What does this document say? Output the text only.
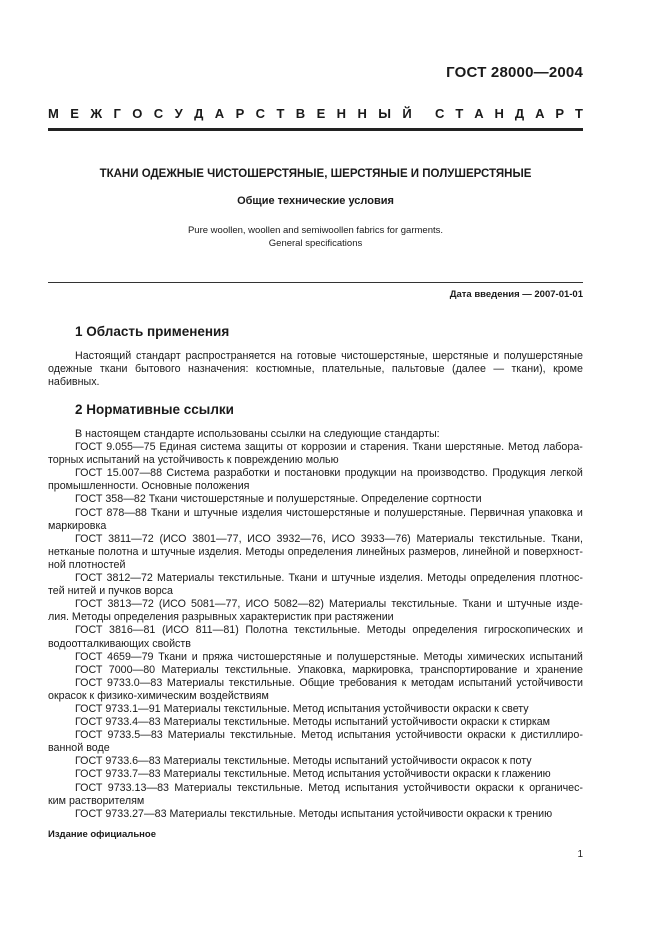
ГОСТ 28000—2004
М Е Ж Г О С У Д А Р С Т В Е Н Н Ы Й С Т А Н Д А Р Т
ТКАНИ ОДЕЖНЫЕ ЧИСТОШЕРСТЯНЫЕ, ШЕРСТЯНЫЕ И ПОЛУШЕРСТЯНЫЕ
Общие технические условия
Pure woollen, woollen and semiwoollen fabrics for garments.
General specifications
Дата введения — 2007-01-01
1 Область применения
Настоящий стандарт распространяется на готовые чистошерстяные, шерстяные и полушерстяные
одежные ткани бытового назначения: костюмные, плательные, пальтовые (далее — ткани), кроме
набивных.
2 Нормативные ссылки
В настоящем стандарте использованы ссылки на следующие стандарты:
ГОСТ 9.055—75 Единая система защиты от коррозии и старения. Ткани шерстяные. Метод лабора-
торных испытаний на устойчивость к повреждению молью
ГОСТ 15.007—88 Система разработки и постановки продукции на производство. Продукция легкой
промышленности. Основные положения
ГОСТ 358—82 Ткани чистошерстяные и полушерстяные. Определение сортности
ГОСТ 878—88 Ткани и штучные изделия чистошерстяные и полушерстяные. Первичная упаковка и
маркировка
ГОСТ 3811—72 (ИСО 3801—77, ИСО 3932—76, ИСО 3933—76) Материалы текстильные. Ткани,
нетканые полотна и штучные изделия. Методы определения линейных размеров, линейной и поверхност-
ной плотностей
ГОСТ 3812—72 Материалы текстильные. Ткани и штучные изделия. Методы определения плотнос-
тей нитей и пучков ворса
ГОСТ 3813—72 (ИСО 5081—77, ИСО 5082—82) Материалы текстильные. Ткани и штучные изде-
лия. Методы определения разрывных характеристик при растяжении
ГОСТ 3816—81 (ИСО 811—81) Полотна текстильные. Методы определения гигроскопических и
водоотталкивающих свойств
ГОСТ 4659—79 Ткани и пряжа чистошерстяные и полушерстяные. Методы химических испытаний
ГОСТ 7000—80 Материалы текстильные. Упаковка, маркировка, транспортирование и хранение
ГОСТ 9733.0—83 Материалы текстильные. Общие требования к методам испытаний устойчивости
окрасок к физико-химическим воздействиям
ГОСТ 9733.1—91 Материалы текстильные. Метод испытания устойчивости окраски к свету
ГОСТ 9733.4—83 Материалы текстильные. Методы испытаний устойчивости окраски к стиркам
ГОСТ 9733.5—83 Материалы текстильные. Метод испытания устойчивости окраски к дистиллиро-
ванной воде
ГОСТ 9733.6—83 Материалы текстильные. Методы испытаний устойчивости окрасок к поту
ГОСТ 9733.7—83 Материалы текстильные. Метод испытания устойчивости окраски к глажению
ГОСТ 9733.13—83 Материалы текстильные. Метод испытания устойчивости окраски к органичес-
ким растворителям
ГОСТ 9733.27—83 Материалы текстильные. Методы испытания устойчивости окраски к трению
Издание официальное
1
